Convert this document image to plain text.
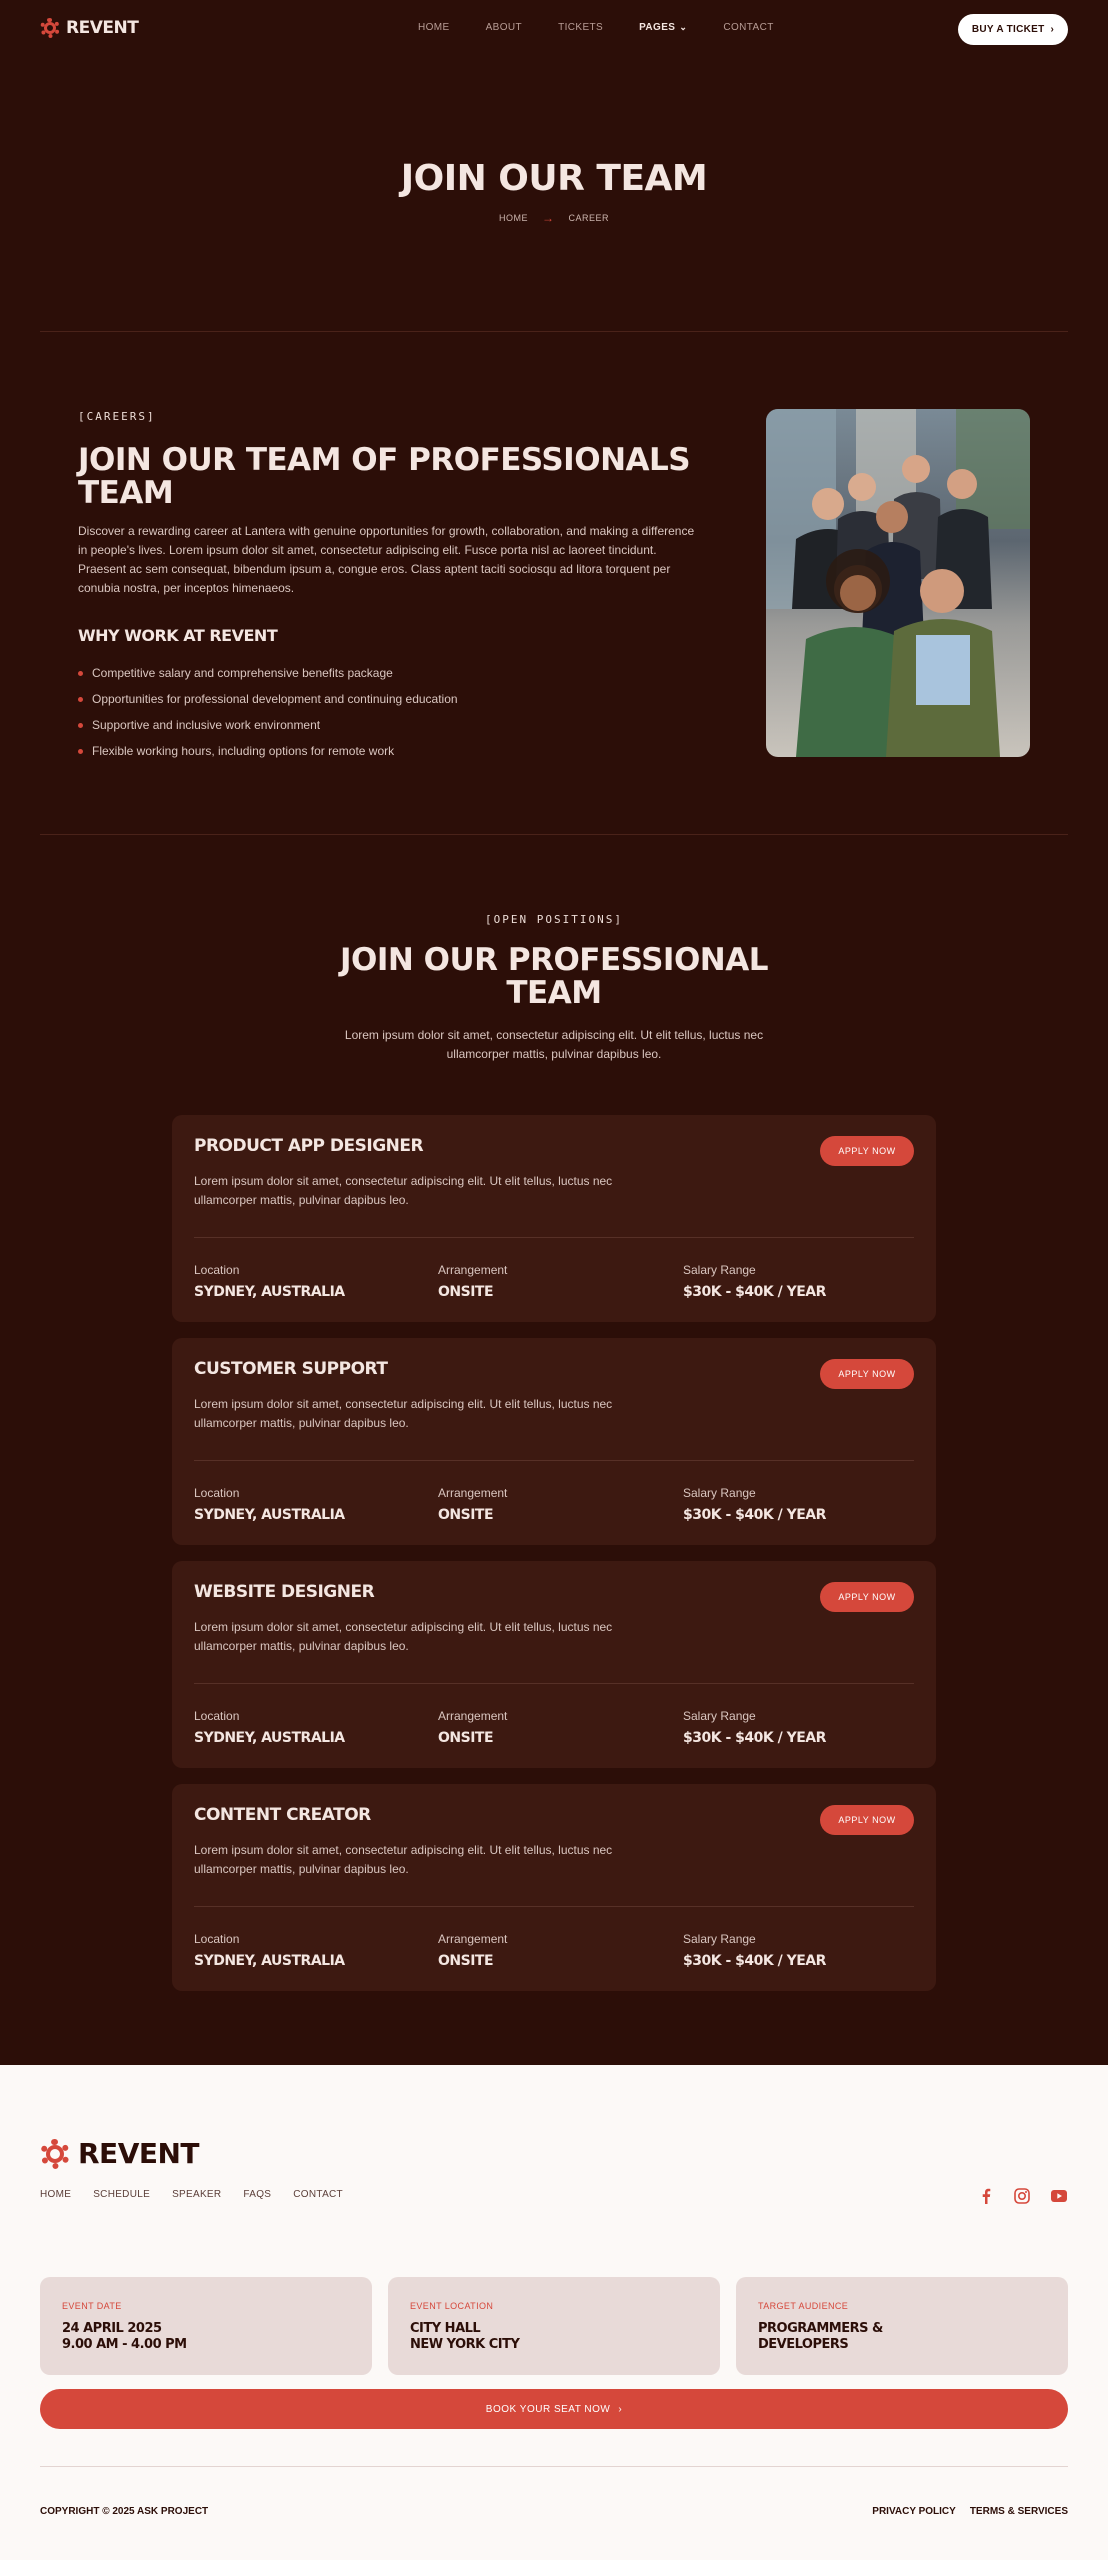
REVENT	HOME	ABOUT	TICKETS	PAGES ⌄	CONTACT	BUY A TICKET ›
JOIN OUR TEAM
HOME → CAREER
[CAREERS]
JOIN OUR TEAM OF PROFESSIONALS TEAM

Discover a rewarding career at Lantera with genuine opportunities for growth, collaboration, and making a difference in people's lives. Lorem ipsum dolor sit amet, consectetur adipiscing elit. Fusce porta nisl ac laoreet tincidunt. Praesent ac sem consequat, bibendum ipsum a, congue eros. Class aptent taciti sociosqu ad litora torquent per conubia nostra, per inceptos himenaeos.

WHY WORK AT REVENT
Competitive salary and comprehensive benefits package
Opportunities for professional development and continuing education
Supportive and inclusive work environment
Flexible working hours, including options for remote work
[OPEN POSITIONS]
JOIN OUR PROFESSIONAL TEAM

Lorem ipsum dolor sit amet, consectetur adipiscing elit. Ut elit tellus, luctus nec ullamcorper mattis, pulvinar dapibus leo.

PRODUCT APP DESIGNER
Lorem ipsum dolor sit amet, consectetur adipiscing elit. Ut elit tellus, luctus nec ullamcorper mattis, pulvinar dapibus leo.
APPLY NOW
Location
SYDNEY, AUSTRALIA
Arrangement
ONSITE
Salary Range
$30K - $40K / YEAR
CUSTOMER SUPPORT
Lorem ipsum dolor sit amet, consectetur adipiscing elit. Ut elit tellus, luctus nec ullamcorper mattis, pulvinar dapibus leo.
APPLY NOW
Location
SYDNEY, AUSTRALIA
Arrangement
ONSITE
Salary Range
$30K - $40K / YEAR
WEBSITE DESIGNER
Lorem ipsum dolor sit amet, consectetur adipiscing elit. Ut elit tellus, luctus nec ullamcorper mattis, pulvinar dapibus leo.
APPLY NOW
Location
SYDNEY, AUSTRALIA
Arrangement
ONSITE
Salary Range
$30K - $40K / YEAR
CONTENT CREATOR
Lorem ipsum dolor sit amet, consectetur adipiscing elit. Ut elit tellus, luctus nec ullamcorper mattis, pulvinar dapibus leo.
APPLY NOW
Location
SYDNEY, AUSTRALIA
Arrangement
ONSITE
Salary Range
$30K - $40K / YEAR
REVENT
HOME SCHEDULE SPEAKER FAQS CONTACT
EVENT DATE
24 APRIL 2025
9.00 AM - 4.00 PM
EVENT LOCATION
CITY HALL
NEW YORK CITY
TARGET AUDIENCE
PROGRAMMERS &
DEVELOPERS
BOOK YOUR SEAT NOW ›
COPYRIGHT © 2025 ASK PROJECT	PRIVACY POLICY TERMS & SERVICES
